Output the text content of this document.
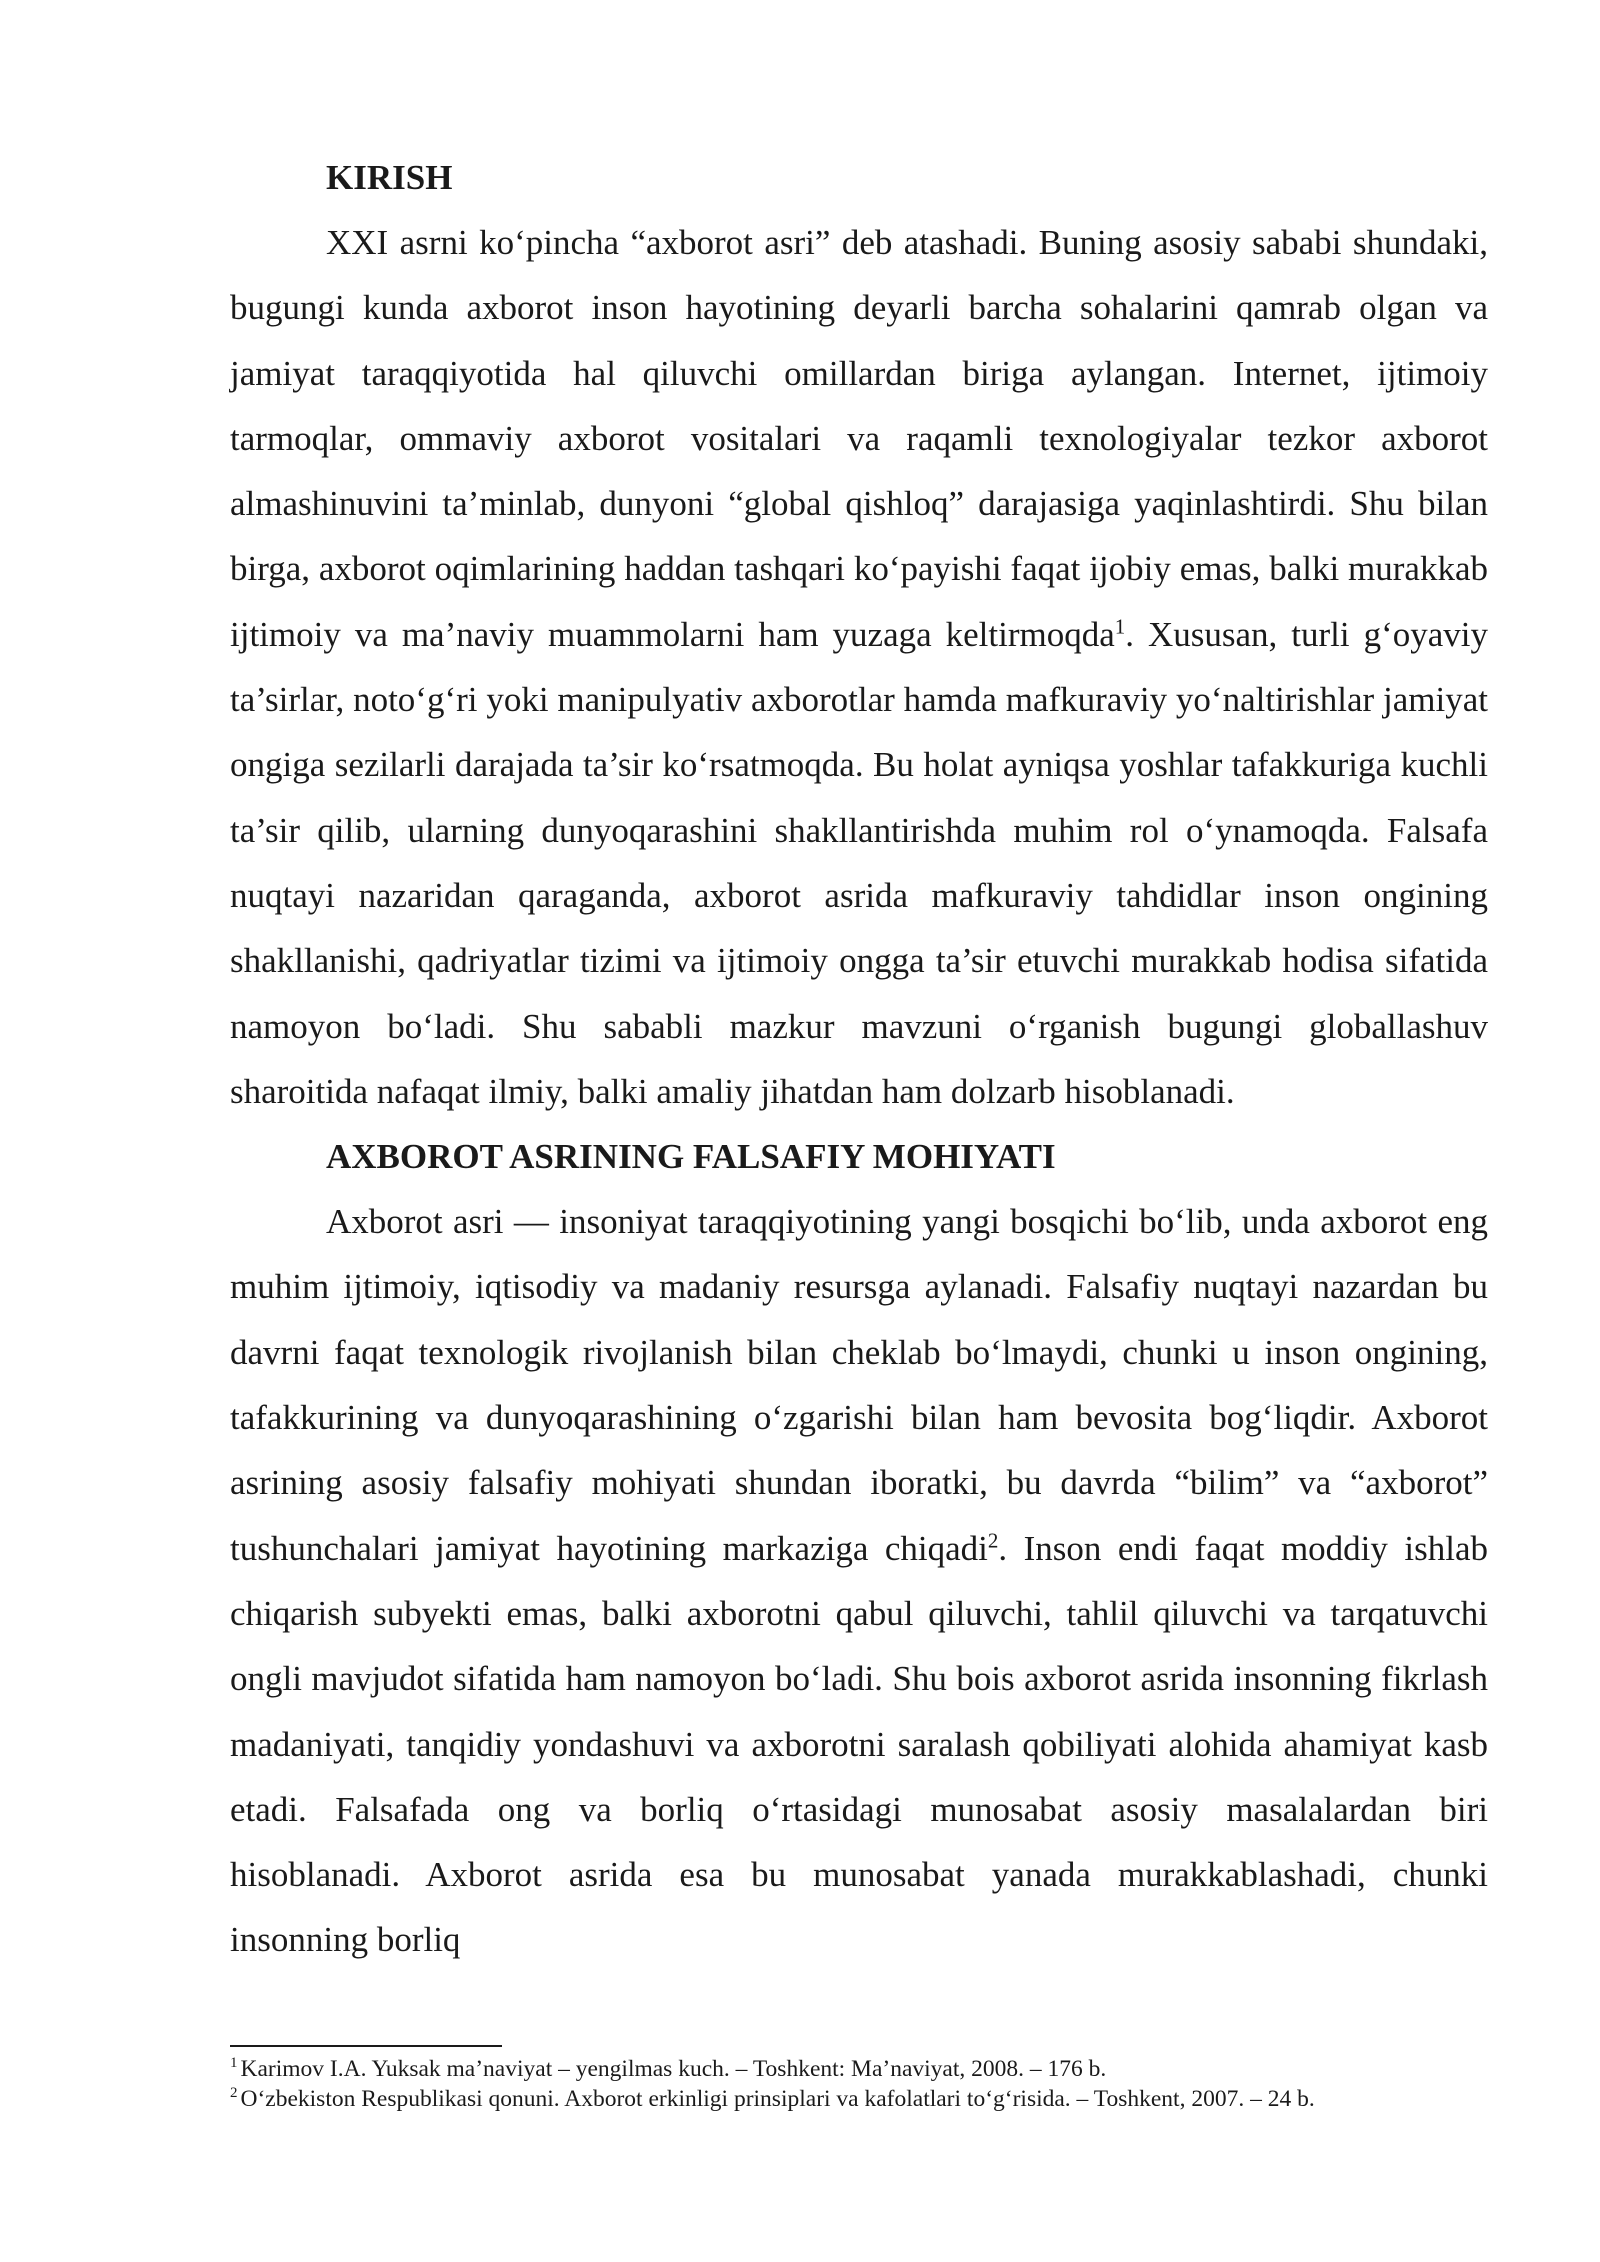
KIRISH

XXI asrni ko‘pincha “axborot asri” deb atashadi. Buning asosiy sababi shundaki, bugungi kunda axborot inson hayotining deyarli barcha sohalarini qamrab olgan va jamiyat taraqqiyotida hal qiluvchi omillardan biriga aylangan. Internet, ijtimoiy tarmoqlar, ommaviy axborot vositalari va raqamli texnologiyalar tezkor axborot almashinuvini ta’minlab, dunyoni “global qishloq” darajasiga yaqinlashtirdi. Shu bilan birga, axborot oqimlarining haddan tashqari ko‘payishi faqat ijobiy emas, balki murakkab ijtimoiy va ma’naviy muammolarni ham yuzaga keltirmoqda$^1$. Xususan, turli g‘oyaviy ta’sirlar, noto‘g‘ri yoki manipulyativ axborotlar hamda mafkuraviy yo‘naltirishlar jamiyat ongiga sezilarli darajada ta’sir ko‘rsatmoqda. Bu holat ayniqsa yoshlar tafakkuriga kuchli ta’sir qilib, ularning dunyoqarashini shakllantirishda muhim rol o‘ynamoqda. Falsafa nuqtayi nazaridan qaraganda, axborot asrida mafkuraviy tahdidlar inson ongining shakllanishi, qadriyatlar tizimi va ijtimoiy ongga ta’sir etuvchi murakkab hodisa sifatida namoyon bo‘ladi. Shu sababli mazkur mavzuni o‘rganish bugungi globallashuv sharoitida nafaqat ilmiy, balki amaliy jihatdan ham dolzarb hisoblanadi.

AXBOROT ASRINING FALSAFIY MOHIYATI

Axborot asri — insoniyat taraqqiyotining yangi bosqichi bo‘lib, unda axborot eng muhim ijtimoiy, iqtisodiy va madaniy resursga aylanadi. Falsafiy nuqtayi nazardan bu davrni faqat texnologik rivojlanish bilan cheklab bo‘lmaydi, chunki u inson ongining, tafakkurining va dunyoqarashining o‘zgarishi bilan ham bevosita bog‘liqdir. Axborot asrining asosiy falsafiy mohiyati shundan iboratki, bu davrda “bilim” va “axborot” tushunchalari jamiyat hayotining markaziga chiqadi$^2$. Inson endi faqat moddiy ishlab chiqarish subyekti emas, balki axborotni qabul qiluvchi, tahlil qiluvchi va tarqatuvchi ongli mavjudot sifatida ham namoyon bo‘ladi. Shu bois axborot asrida insonning fikrlash madaniyati, tanqidiy yondashuvi va axborotni saralash qobiliyati alohida ahamiyat kasb etadi. Falsafada ong va borliq o‘rtasidagi munosabat asosiy masalalardan biri hisoblanadi. Axborot asrida esa bu munosabat yanada murakkablashadi, chunki insonning borliq

$^1$ Karimov I.A. Yuksak ma’naviyat – yengilmas kuch. – Toshkent: Ma’naviyat, 2008. – 176 b.

$^2$ O‘zbekiston Respublikasi qonuni. Axborot erkinligi prinsiplari va kafolatlari to‘g‘risida. – Toshkent, 2007. – 24 b.
